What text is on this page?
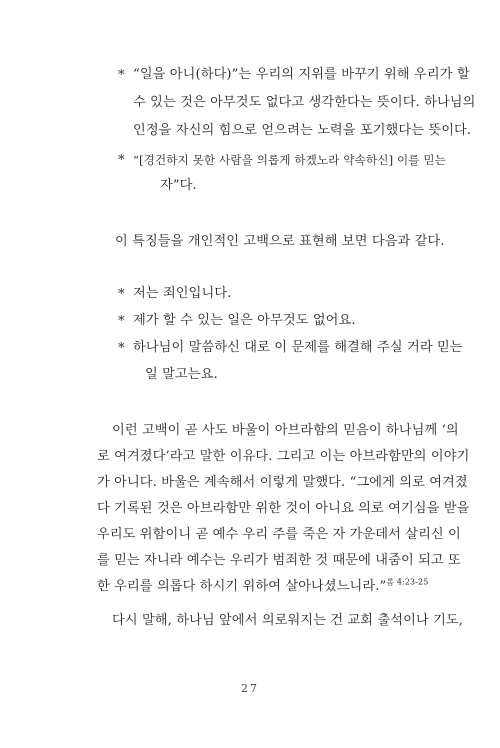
* “일을 아니(하다)”는 우리의 지위를 바꾸기 위해 우리가 할
수 있는 것은 아무것도 없다고 생각한다는 뜻이다. 하나님의
인정을 자신의 힘으로 얻으려는 노력을 포기했다는 뜻이다.
* “[경건하지 못한 사람을 의롭게 하겠노라 약속하신] 이를 믿는
자”다.
이 특징들을 개인적인 고백으로 표현해 보면 다음과 같다.
* 저는 죄인입니다.
* 제가 할 수 있는 일은 아무것도 없어요.
* 하나님이 말씀하신 대로 이 문제를 해결해 주실 거라 믿는
일 말고는요.
이런 고백이 곧 사도 바울이 아브라함의 믿음이 하나님께 ‘의
로 여겨졌다’라고 말한 이유다. 그리고 이는 아브라함만의 이야기
가 아니다. 바울은 계속해서 이렇게 말했다. “그에게 의로 여겨졌
다 기록된 것은 아브라함만 위한 것이 아니요 의로 여기심을 받을
우리도 위함이니 곧 예수 우리 주를 죽은 자 가운데서 살리신 이
를 믿는 자니라 예수는 우리가 범죄한 것 때문에 내줌이 되고 또
한 우리를 의롭다 하시기 위하여 살아나셨느니라.”$^{롬 4:23-25}$
다시 말해, 하나님 앞에서 의로워지는 건 교회 출석이나 기도,
27
